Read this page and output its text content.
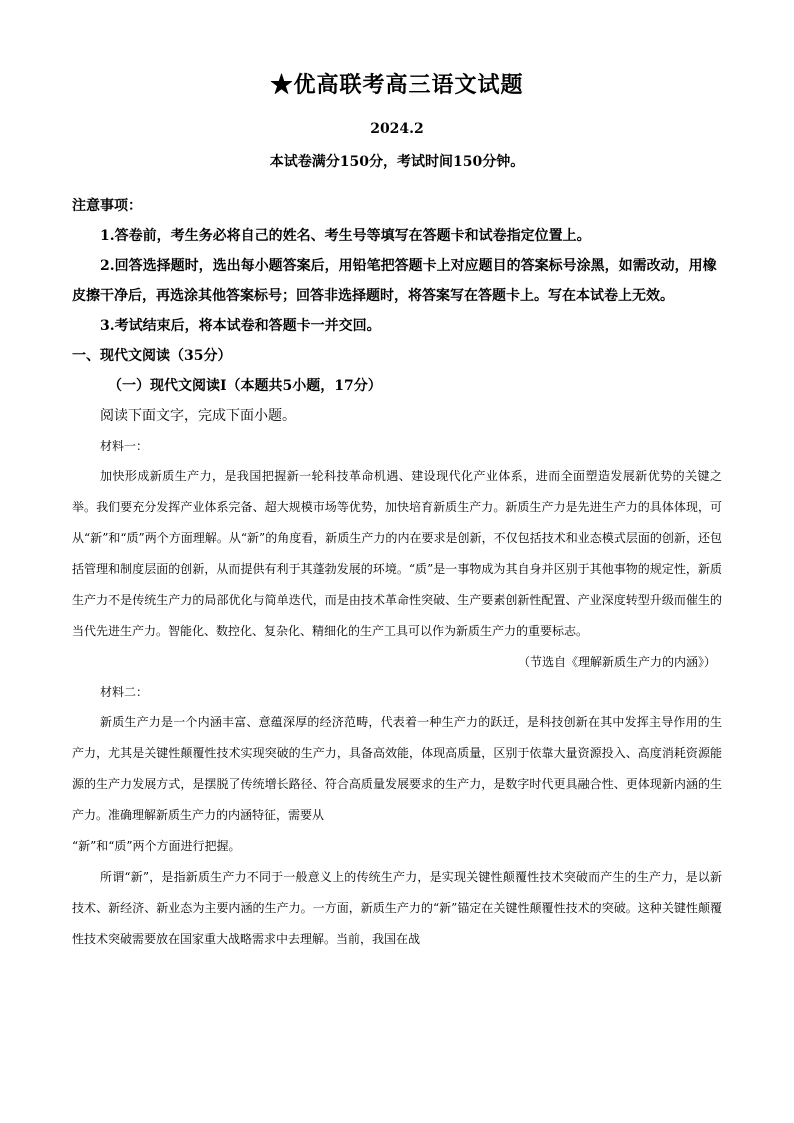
★优高联考高三语文试题
2024.2
本试卷满分150分，考试时间150分钟。
注意事项：

1.答卷前，考生务必将自己的姓名、考生号等填写在答题卡和试卷指定位置上。

2.回答选择题时，选出每小题答案后，用铅笔把答题卡上对应题目的答案标号涂黑，如需改动，用橡皮擦干净后，再选涂其他答案标号；回答非选择题时，将答案写在答题卡上。写在本试卷上无效。

3.考试结束后，将本试卷和答题卡一并交回。

一、现代文阅读（35分）
（一）现代文阅读Ⅰ（本题共5小题，17分）
阅读下面文字，完成下面小题。
材料一：

加快形成新质生产力，是我国把握新一轮科技革命机遇、建设现代化产业体系，进而全面塑造发展新优势的关键之举。我们要充分发挥产业体系完备、超大规模市场等优势，加快培育新质生产力。新质生产力是先进生产力的具体体现，可从“新”和“质”两个方面理解。从“新”的角度看，新质生产力的内在要求是创新，不仅包括技术和业态模式层面的创新，还包括管理和制度层面的创新，从而提供有利于其蓬勃发展的环境。“质”是一事物成为其自身并区别于其他事物的规定性，新质生产力不是传统生产力的局部优化与简单迭代，而是由技术革命性突破、生产要素创新性配置、产业深度转型升级而催生的当代先进生产力。智能化、数控化、复杂化、精细化的生产工具可以作为新质生产力的重要标志。

（节选自《理解新质生产力的内涵》）
材料二：

新质生产力是一个内涵丰富、意蕴深厚的经济范畴，代表着一种生产力的跃迁，是科技创新在其中发挥主导作用的生产力，尤其是关键性颠覆性技术实现突破的生产力，具备高效能，体现高质量，区别于依靠大量资源投入、高度消耗资源能源的生产力发展方式，是摆脱了传统增长路径、符合高质量发展要求的生产力，是数字时代更具融合性、更体现新内涵的生产力。准确理解新质生产力的内涵特征，需要从

“新”和“质”两个方面进行把握。

所谓“新”，是指新质生产力不同于一般意义上的传统生产力，是实现关键性颠覆性技术突破而产生的生产力，是以新技术、新经济、新业态为主要内涵的生产力。一方面，新质生产力的“新”锚定在关键性颠覆性技术的突破。这种关键性颠覆性技术突破需要放在国家重大战略需求中去理解。当前，我国在战
